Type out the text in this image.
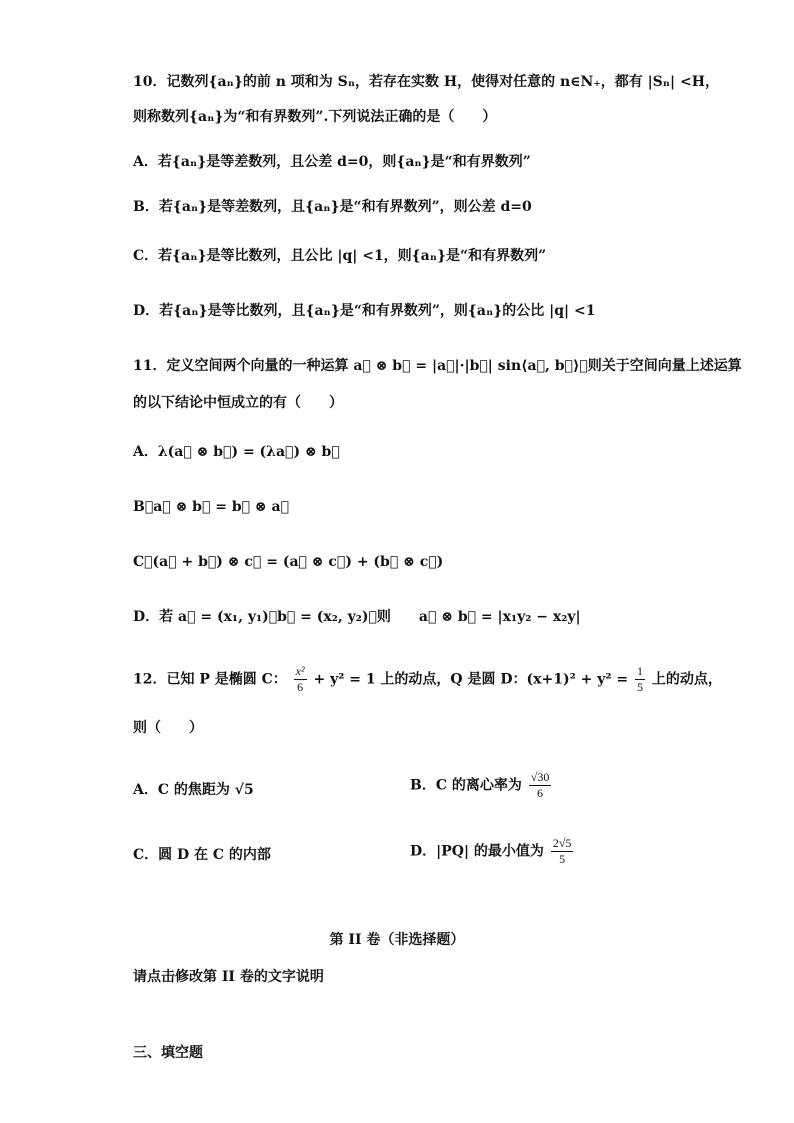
10．记数列{aₙ}的前 n 项和为 Sₙ，若存在实数 H，使得对任意的 n∈N₊，都有 |Sₙ| <H，
则称数列{aₙ}为“和有界数列”.下列说法正确的是（　　）
A．若{aₙ}是等差数列，且公差 d=0，则{aₙ}是“和有界数列”
B．若{aₙ}是等差数列，且{aₙ}是“和有界数列”，则公差 d=0
C．若{aₙ}是等比数列，且公比 |q| <1，则{aₙ}是“和有界数列”
D．若{aₙ}是等比数列，且{aₙ}是“和有界数列”，则{aₙ}的公比 |q| <1
11．定义空间两个向量的一种运算 a⃗ ⊗ b⃗ = |a⃗|·|b⃗| sin⟨a⃗, b⃗⟩，则关于空间向量上述运算
的以下结论中恒成立的有（　　）
A．λ(a⃗ ⊗ b⃗) = (λa⃗) ⊗ b⃗
B．a⃗ ⊗ b⃗ = b⃗ ⊗ a⃗
C．(a⃗ + b⃗) ⊗ c⃗ = (a⃗ ⊗ c⃗) + (b⃗ ⊗ c⃗)
D．若 a⃗ = (x₁, y₁)，b⃗ = (x₂, y₂)，则　　a⃗ ⊗ b⃗ = |x₁y₂ − x₂y|
12．已知 P 是椭圆 C： $\frac{\text{x²}}{6} + y^2 = 1$ 上的动点，Q 是圆 D：$(x+1)^2 + y^2 = \frac{1}{5}$ 上的动点，
则（　　）
A．C 的焦距为 √5	B．C 的离心率为 $\frac{√30}{6}$
C．圆 D 在 C 的内部	D．|PQ| 的最小值为 $\frac{2√5}{5}$
第 II 卷（非选择题）
请点击修改第 II 卷的文字说明
三、填空题
